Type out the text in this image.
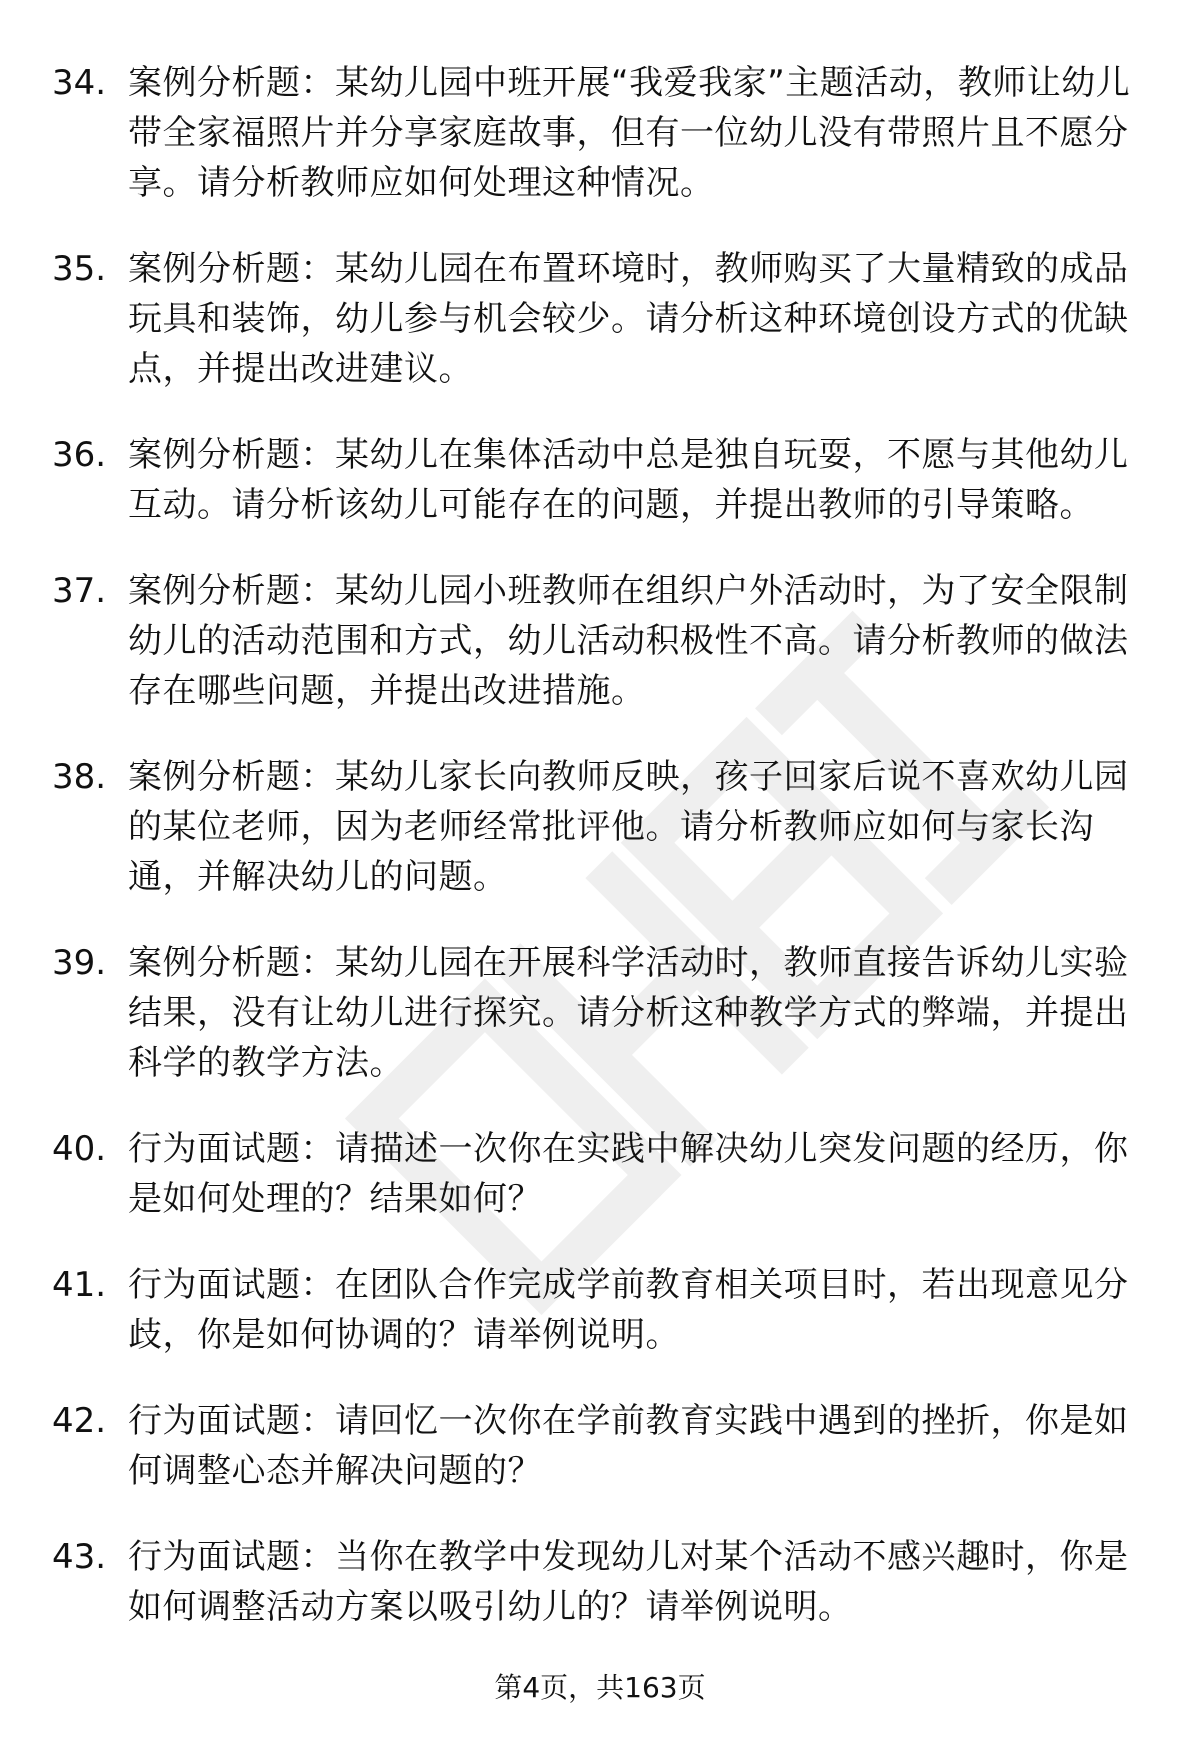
34. 案例分析题：某幼儿园中班开展“我爱我家”主题活动，教师让幼儿带全家福照片并分享家庭故事，但有一位幼儿没有带照片且不愿分享。请分析教师应如何处理这种情况。
35. 案例分析题：某幼儿园在布置环境时，教师购买了大量精致的成品玩具和装饰，幼儿参与机会较少。请分析这种环境创设方式的优缺点，并提出改进建议。
36. 案例分析题：某幼儿在集体活动中总是独自玩耍，不愿与其他幼儿互动。请分析该幼儿可能存在的问题，并提出教师的引导策略。
37. 案例分析题：某幼儿园小班教师在组织户外活动时，为了安全限制幼儿的活动范围和方式，幼儿活动积极性不高。请分析教师的做法存在哪些问题，并提出改进措施。
38. 案例分析题：某幼儿家长向教师反映，孩子回家后说不喜欢幼儿园的某位老师，因为老师经常批评他。请分析教师应如何与家长沟通，并解决幼儿的问题。
39. 案例分析题：某幼儿园在开展科学活动时，教师直接告诉幼儿实验结果，没有让幼儿进行探究。请分析这种教学方式的弊端，并提出科学的教学方法。
40. 行为面试题：请描述一次你在实践中解决幼儿突发问题的经历，你是如何处理的？结果如何？
41. 行为面试题：在团队合作完成学前教育相关项目时，若出现意见分歧，你是如何协调的？请举例说明。
42. 行为面试题：请回忆一次你在学前教育实践中遇到的挫折，你是如何调整心态并解决问题的？
43. 行为面试题：当你在教学中发现幼儿对某个活动不感兴趣时，你是如何调整活动方案以吸引幼儿的？请举例说明。
第4页，共163页
